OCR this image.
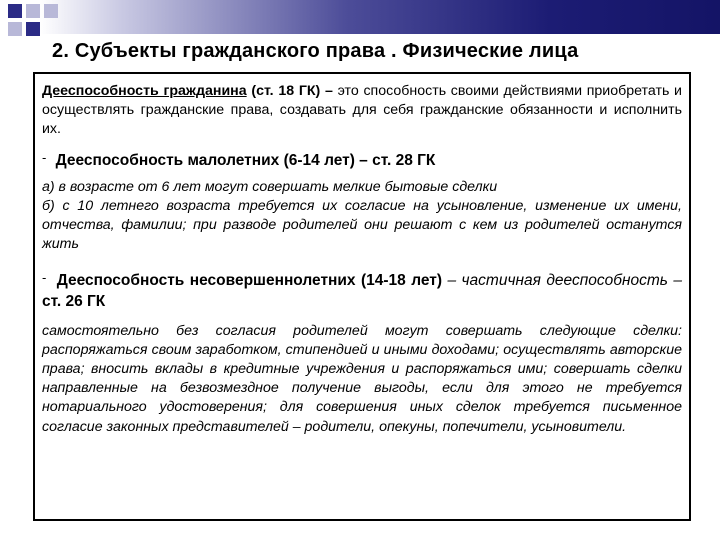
2. Субъекты гражданского права . Физические лица

Дееспособность гражданина (ст. 18 ГК) – это способность своими действиями приобретать и осуществлять гражданские права, создавать для себя гражданские обязанности и исполнить их.

- Дееспособность малолетних (6-14 лет) – ст. 28 ГК

а) в возрасте от 6 лет могут совершать мелкие бытовые сделки

б) с 10 летнего возраста требуется их согласие на усыновление, изменение их имени, отчества, фамилии; при разводе родителей они решают с кем из родителей останутся жить

- Дееспособность несовершеннолетних (14-18 лет) – частичная дееспособность – ст. 26 ГК

самостоятельно без согласия родителей могут совершать следующие сделки: распоряжаться своим заработком, стипендией и иными доходами; осуществлять авторские права; вносить вклады в кредитные учреждения и распоряжаться ими; совершать сделки направленные на безвозмездное получение выгоды, если для этого не требуется нотариального удостоверения; для совершения иных сделок требуется письменное согласие законных представителей – родители, опекуны, попечители, усыновители.
